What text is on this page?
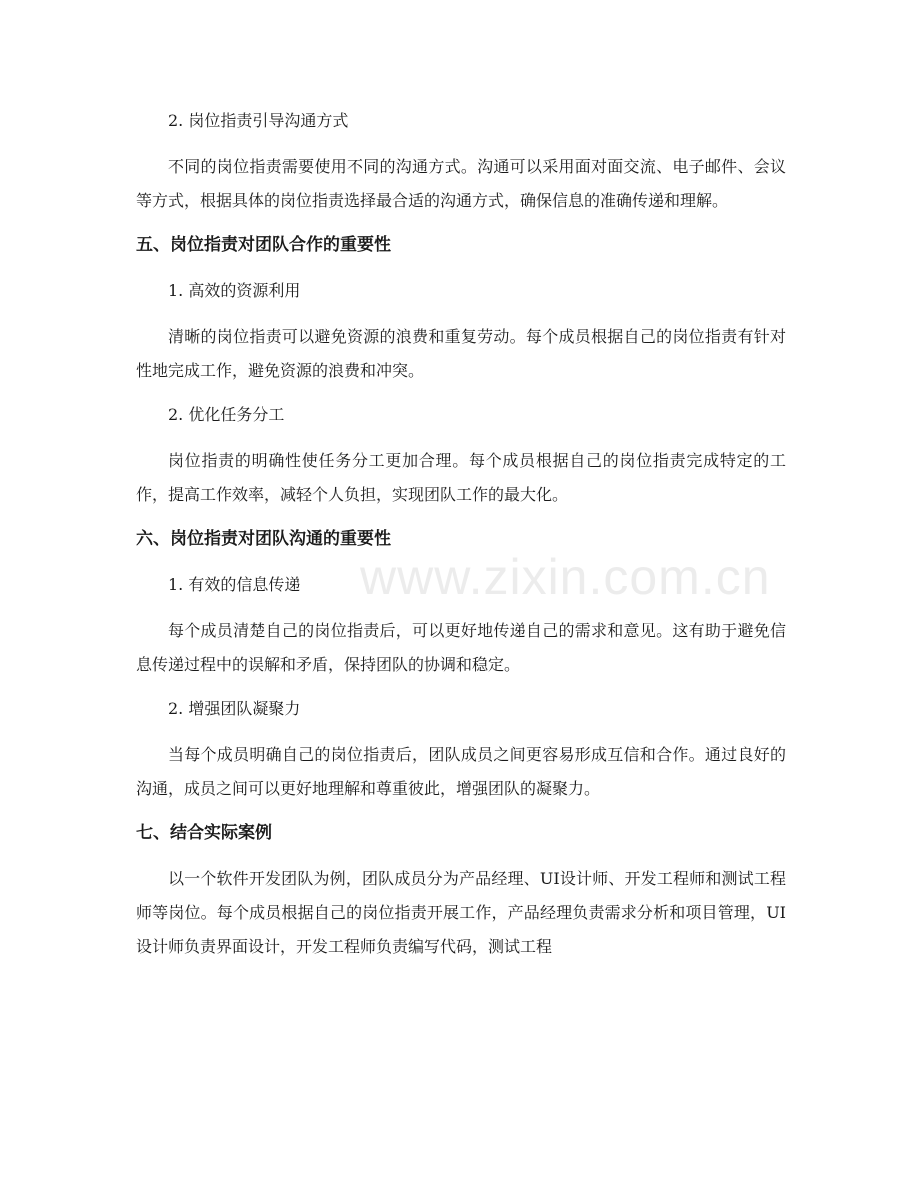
www.zixin.com.cn
2. 岗位指责引导沟通方式
不同的岗位指责需要使用不同的沟通方式。沟通可以采用面对面交流、电子邮件、会议等方式，根据具体的岗位指责选择最合适的沟通方式，确保信息的准确传递和理解。
五、岗位指责对团队合作的重要性
1. 高效的资源利用
清晰的岗位指责可以避免资源的浪费和重复劳动。每个成员根据自己的岗位指责有针对性地完成工作，避免资源的浪费和冲突。
2. 优化任务分工
岗位指责的明确性使任务分工更加合理。每个成员根据自己的岗位指责完成特定的工作，提高工作效率，减轻个人负担，实现团队工作的最大化。
六、岗位指责对团队沟通的重要性
1. 有效的信息传递
每个成员清楚自己的岗位指责后，可以更好地传递自己的需求和意见。这有助于避免信息传递过程中的误解和矛盾，保持团队的协调和稳定。
2. 增强团队凝聚力
当每个成员明确自己的岗位指责后，团队成员之间更容易形成互信和合作。通过良好的沟通，成员之间可以更好地理解和尊重彼此，增强团队的凝聚力。
七、结合实际案例
以一个软件开发团队为例，团队成员分为产品经理、UI设计师、开发工程师和测试工程师等岗位。每个成员根据自己的岗位指责开展工作，产品经理负责需求分析和项目管理，UI设计师负责界面设计，开发工程师负责编写代码，测试工程
